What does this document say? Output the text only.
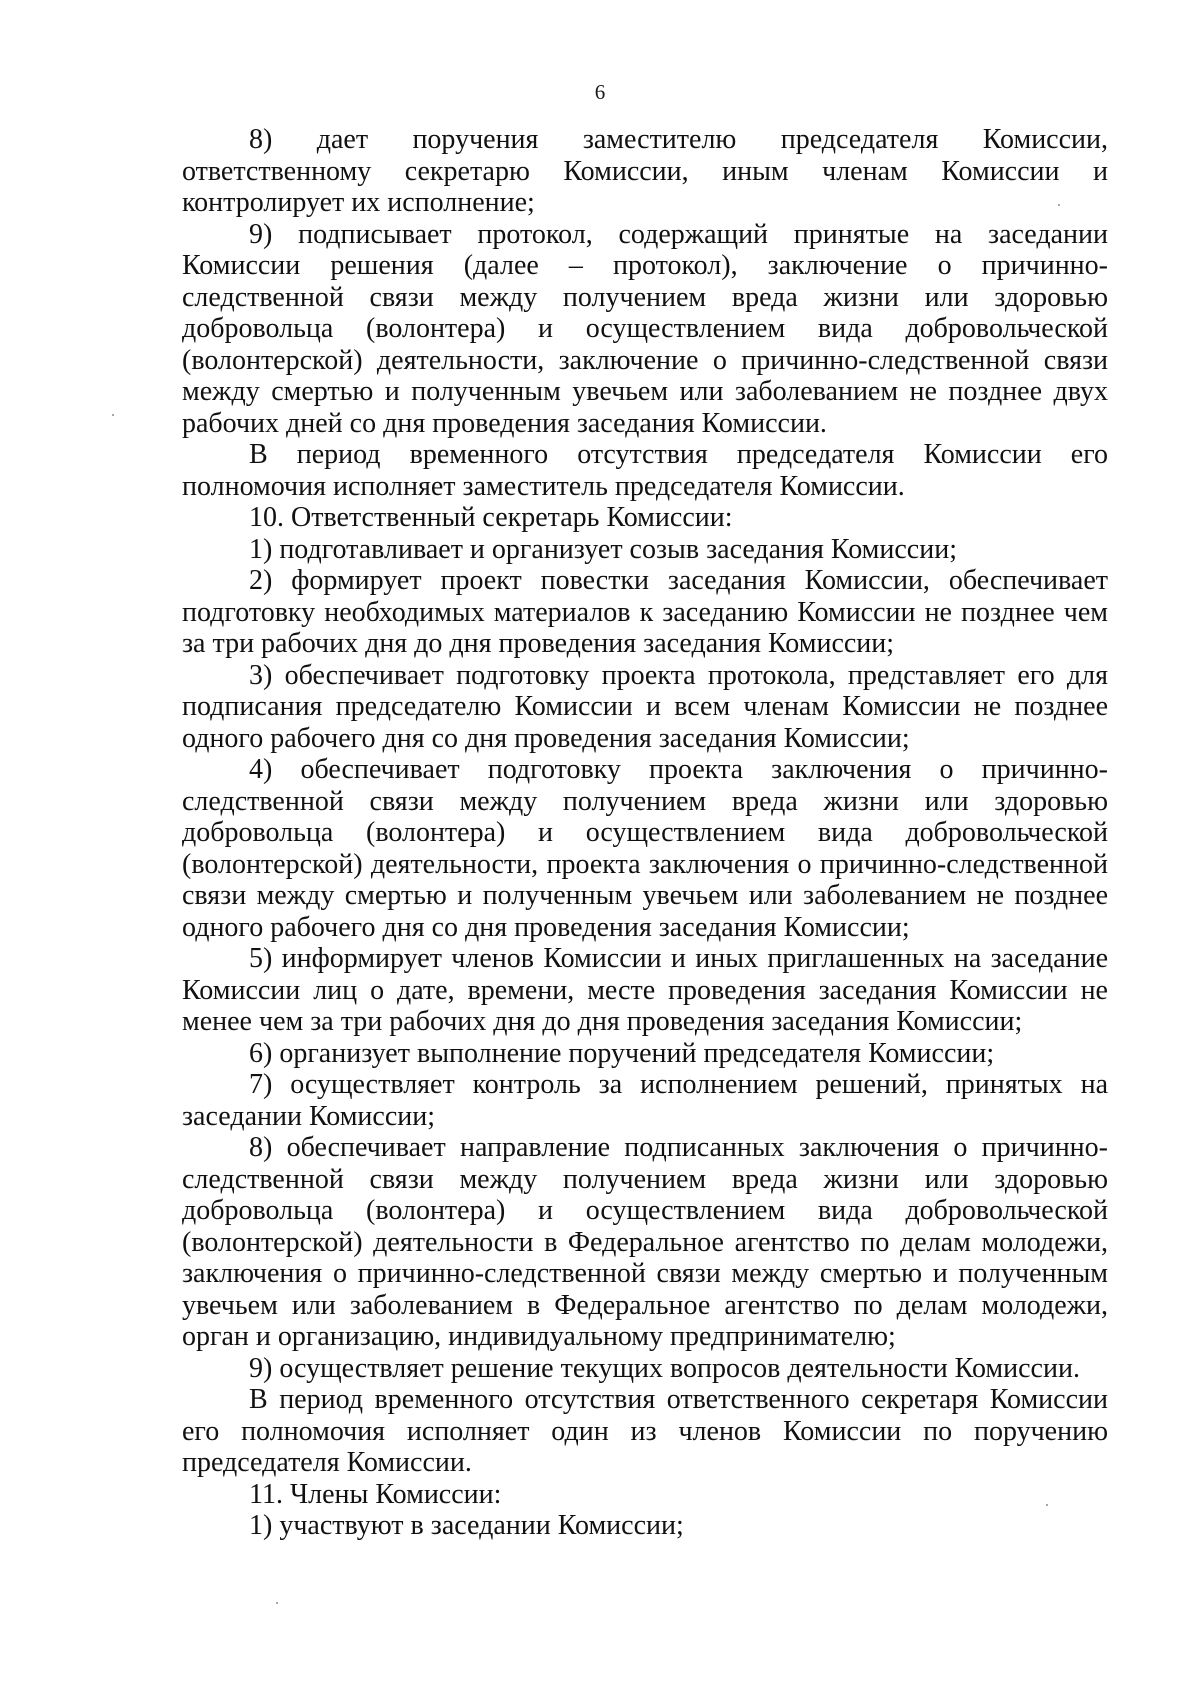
6

8) дает поручения заместителю председателя Комиссии, ответственному секретарю Комиссии, иным членам Комиссии и контролирует их исполнение;

9) подписывает протокол, содержащий принятые на заседании Комиссии решения (далее – протокол), заключение о причинно-следственной связи между получением вреда жизни или здоровью добровольца (волонтера) и осуществлением вида добровольческой (волонтерской) деятельности, заключение о причинно-следственной связи между смертью и полученным увечьем или заболеванием не позднее двух рабочих дней со дня проведения заседания Комиссии.

В период временного отсутствия председателя Комиссии его полномочия исполняет заместитель председателя Комиссии.

10. Ответственный секретарь Комиссии:

1) подготавливает и организует созыв заседания Комиссии;

2) формирует проект повестки заседания Комиссии, обеспечивает подготовку необходимых материалов к заседанию Комиссии не позднее чем за три рабочих дня до дня проведения заседания Комиссии;

3) обеспечивает подготовку проекта протокола, представляет его для подписания председателю Комиссии и всем членам Комиссии не позднее одного рабочего дня со дня проведения заседания Комиссии;

4) обеспечивает подготовку проекта заключения о причинно-следственной связи между получением вреда жизни или здоровью добровольца (волонтера) и осуществлением вида добровольческой (волонтерской) деятельности, проекта заключения о причинно-следственной связи между смертью и полученным увечьем или заболеванием не позднее одного рабочего дня со дня проведения заседания Комиссии;

5) информирует членов Комиссии и иных приглашенных на заседание Комиссии лиц о дате, времени, месте проведения заседания Комиссии не менее чем за три рабочих дня до дня проведения заседания Комиссии;

6) организует выполнение поручений председателя Комиссии;

7) осуществляет контроль за исполнением решений, принятых на заседании Комиссии;

8) обеспечивает направление подписанных заключения о причинно-следственной связи между получением вреда жизни или здоровью добровольца (волонтера) и осуществлением вида добровольческой (волонтерской) деятельности в Федеральное агентство по делам молодежи, заключения о причинно-следственной связи между смертью и полученным увечьем или заболеванием в Федеральное агентство по делам молодежи, орган и организацию, индивидуальному предпринимателю;

9) осуществляет решение текущих вопросов деятельности Комиссии.

В период временного отсутствия ответственного секретаря Комиссии его полномочия исполняет один из членов Комиссии по поручению председателя Комиссии.

11. Члены Комиссии:

1) участвуют в заседании Комиссии;
